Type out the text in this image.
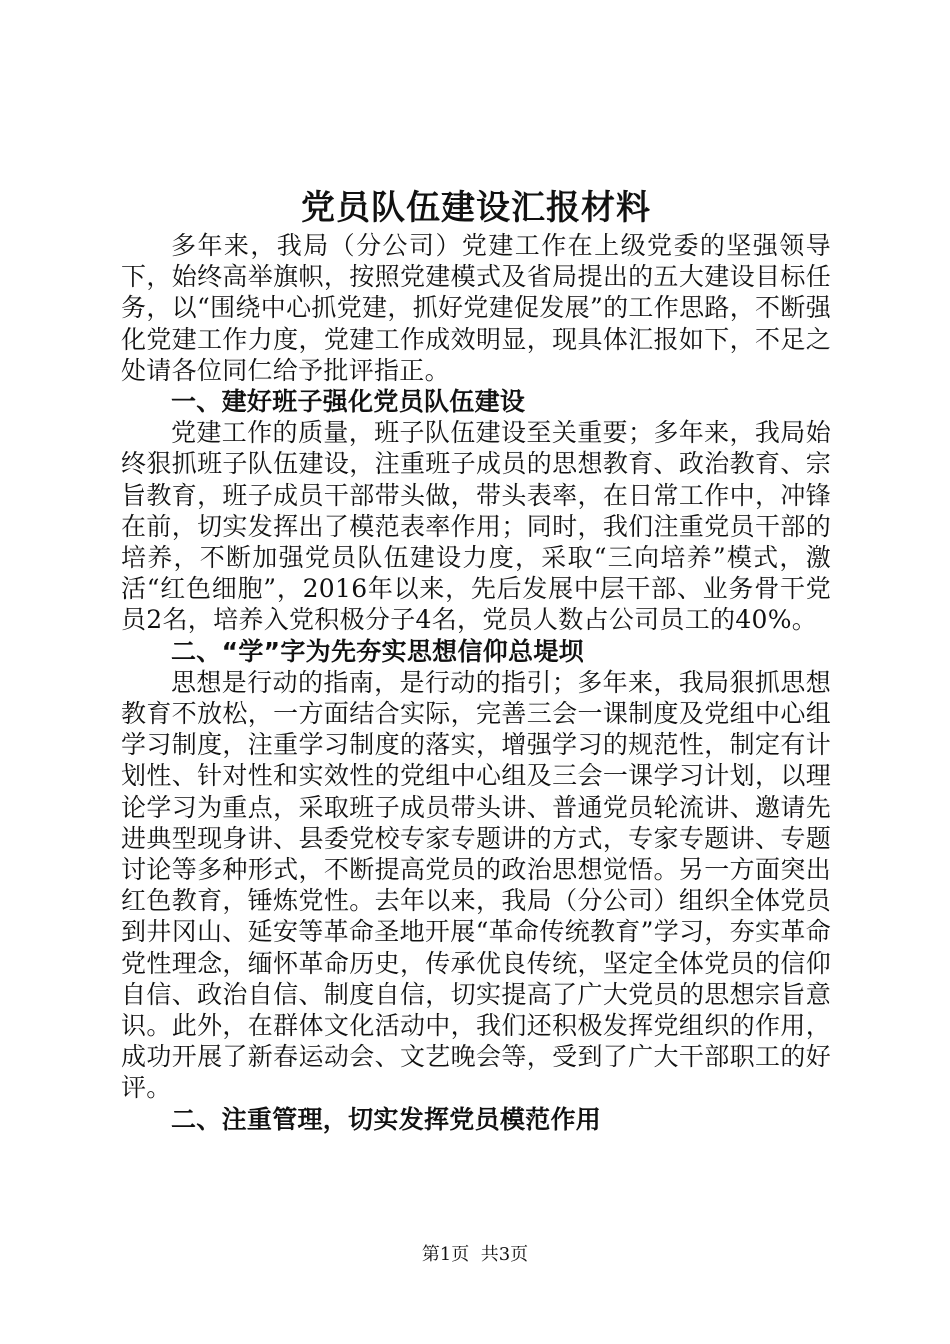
党员队伍建设汇报材料

多年来，我局（分公司）党建工作在上级党委的坚强领导下，始终高举旗帜，按照党建模式及省局提出的五大建设目标任务，以“围绕中心抓党建，抓好党建促发展”的工作思路，不断强化党建工作力度，党建工作成效明显，现具体汇报如下，不足之处请各位同仁给予批评指正。

一、建好班子强化党员队伍建设

党建工作的质量，班子队伍建设至关重要；多年来，我局始终狠抓班子队伍建设，注重班子成员的思想教育、政治教育、宗旨教育，班子成员干部带头做，带头表率，在日常工作中，冲锋在前，切实发挥出了模范表率作用；同时，我们注重党员干部的培养，不断加强党员队伍建设力度，采取“三向培养”模式，激活“红色细胞”，2016年以来，先后发展中层干部、业务骨干党员2名，培养入党积极分子4名，党员人数占公司员工的40%。

二、“学”字为先夯实思想信仰总堤坝

思想是行动的指南，是行动的指引；多年来，我局狠抓思想教育不放松，一方面结合实际，完善三会一课制度及党组中心组学习制度，注重学习制度的落实，增强学习的规范性，制定有计划性、针对性和实效性的党组中心组及三会一课学习计划，以理论学习为重点，采取班子成员带头讲、普通党员轮流讲、邀请先进典型现身讲、县委党校专家专题讲的方式，专家专题讲、专题讨论等多种形式，不断提高党员的政治思想觉悟。另一方面突出红色教育，锤炼党性。去年以来，我局（分公司）组织全体党员到井冈山、延安等革命圣地开展“革命传统教育”学习，夯实革命党性理念，缅怀革命历史，传承优良传统，坚定全体党员的信仰自信、政治自信、制度自信，切实提高了广大党员的思想宗旨意识。此外，在群体文化活动中，我们还积极发挥党组织的作用，成功开展了新春运动会、文艺晚会等，受到了广大干部职工的好评。

二、注重管理，切实发挥党员模范作用

第1页 共3页
